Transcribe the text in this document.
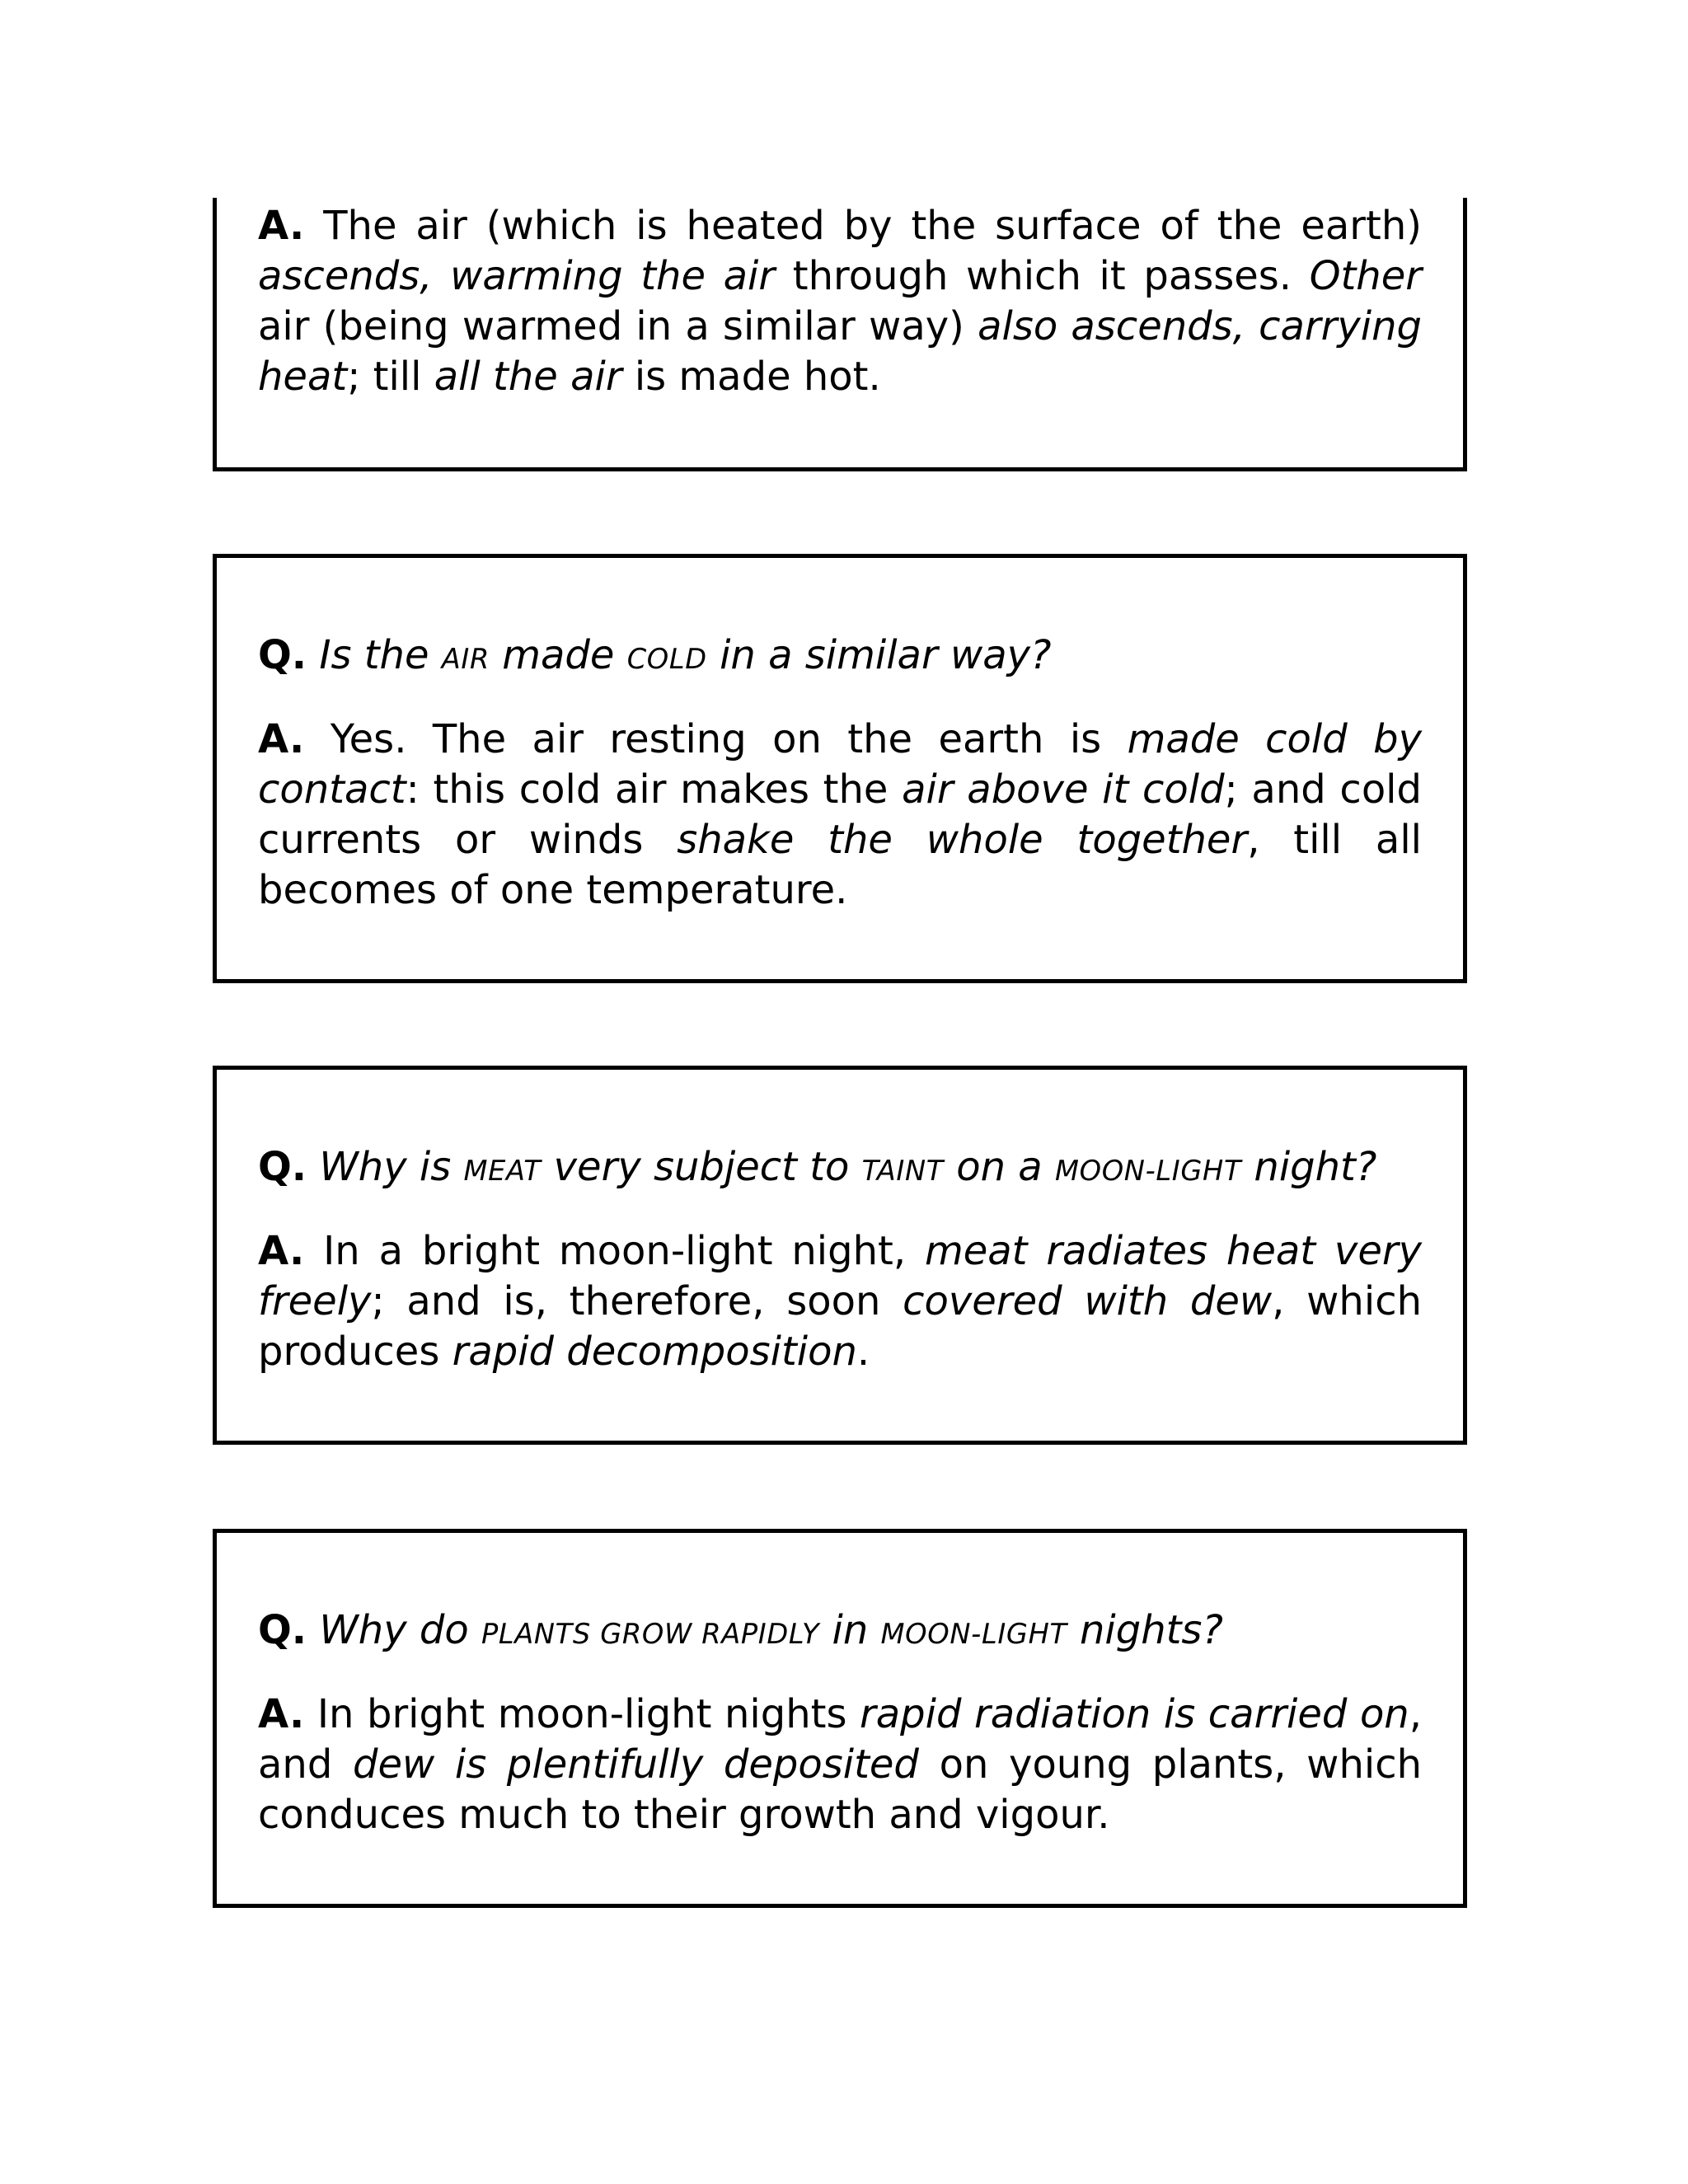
A. The air (which is heated by the surface of the earth) ascends, warming the air through which it passes. Other air (being warmed in a similar way) also ascends, carrying heat; till all the air is made hot.

Q. Is the AIR made COLD in a similar way?

A. Yes. The air resting on the earth is made cold by contact: this cold air makes the air above it cold; and cold currents or winds shake the whole together, till all becomes of one temperature.

Q. Why is MEAT very subject to TAINT on a MOON-LIGHT night?

A. In a bright moon-light night, meat radiates heat very freely; and is, therefore, soon covered with dew, which produces rapid decomposition.

Q. Why do PLANTS GROW RAPIDLY in MOON-LIGHT nights?

A. In bright moon-light nights rapid radiation is carried on, and dew is plentifully deposited on young plants, which conduces much to their growth and vigour.
